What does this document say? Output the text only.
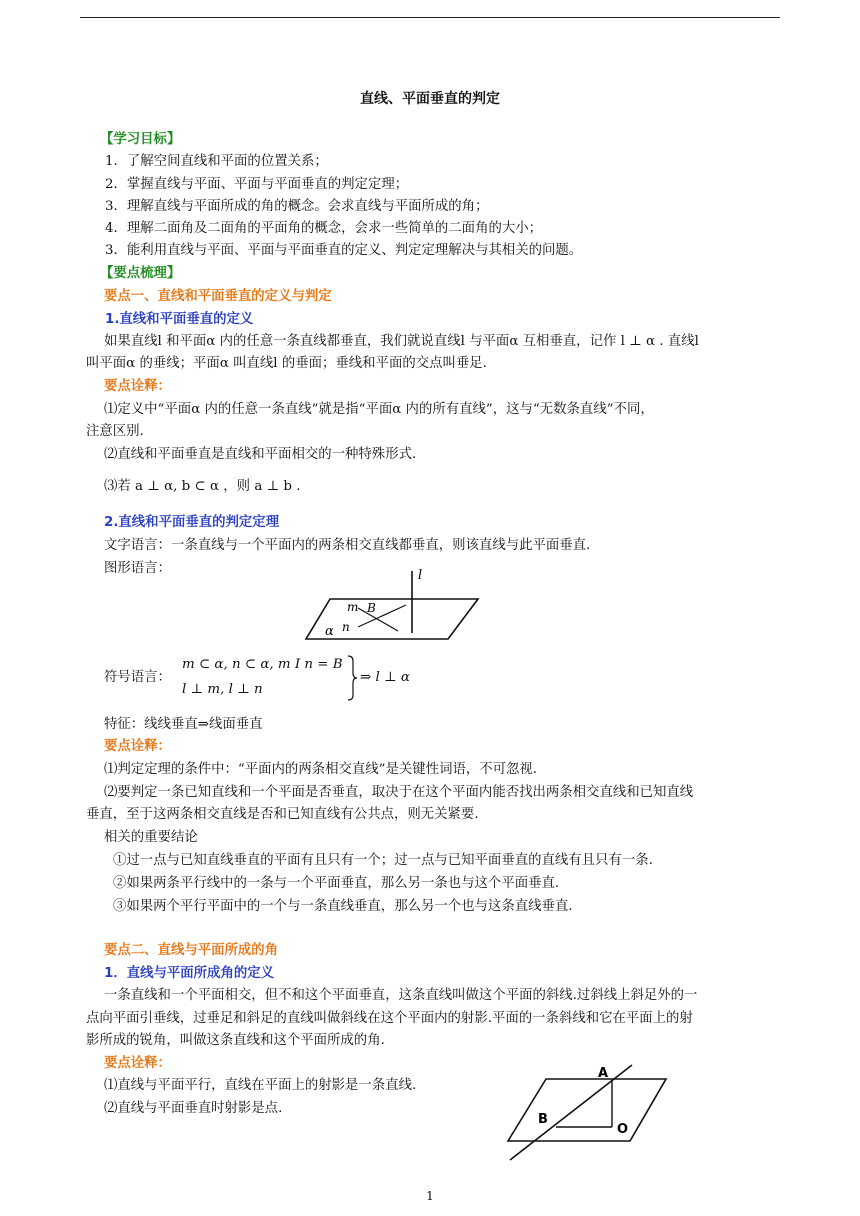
直线、平面垂直的判定
【学习目标】
1．了解空间直线和平面的位置关系；
2．掌握直线与平面、平面与平面垂直的判定定理；
3．理解直线与平面所成的角的概念。会求直线与平面所成的角；
4．理解二面角及二面角的平面角的概念，会求一些简单的二面角的大小；
3．能利用直线与平面、平面与平面垂直的定义、判定定理解决与其相关的问题。
【要点梳理】
要点一、直线和平面垂直的定义与判定
1.直线和平面垂直的定义
如果直线l 和平面α 内的任意一条直线都垂直，我们就说直线l 与平面α 互相垂直，记作 l ⊥ α . 直线l
叫平面α 的垂线；平面α 叫直线l 的垂面；垂线和平面的交点叫垂足.
要点诠释：
⑴定义中“平面α 内的任意一条直线”就是指“平面α 内的所有直线”，这与“无数条直线”不同，
注意区别.
⑵直线和平面垂直是直线和平面相交的一种特殊形式.
⑶若 a ⊥ α, b ⊂ α ，则 a ⊥ b .
2.直线和平面垂直的判定定理
文字语言：一条直线与一个平面内的两条相交直线都垂直，则该直线与此平面垂直.
图形语言：	l
m B
n
α
符号语言：
m ⊂ α, n ⊂ α, m I n = B
l ⊥ m, l ⊥ n
⇒ l ⊥ α
特征：线线垂直⇒线面垂直
要点诠释：
⑴判定定理的条件中：“平面内的两条相交直线”是关键性词语，不可忽视.
⑵要判定一条已知直线和一个平面是否垂直，取决于在这个平面内能否找出两条相交直线和已知直线
垂直，至于这两条相交直线是否和已知直线有公共点，则无关紧要.
相关的重要结论
①过一点与已知直线垂直的平面有且只有一个；过一点与已知平面垂直的直线有且只有一条.
②如果两条平行线中的一条与一个平面垂直，那么另一条也与这个平面垂直.
③如果两个平行平面中的一个与一条直线垂直，那么另一个也与这条直线垂直.
要点二、直线与平面所成的角
1．直线与平面所成角的定义
一条直线和一个平面相交，但不和这个平面垂直，这条直线叫做这个平面的斜线.过斜线上斜足外的一
点向平面引垂线，过垂足和斜足的直线叫做斜线在这个平面内的射影.平面的一条斜线和它在平面上的射
影所成的锐角，叫做这条直线和这个平面所成的角.
要点诠释：
⑴直线与平面平行，直线在平面上的射影是一条直线.
⑵直线与平面垂直时射影是点.
A
B
O
1
